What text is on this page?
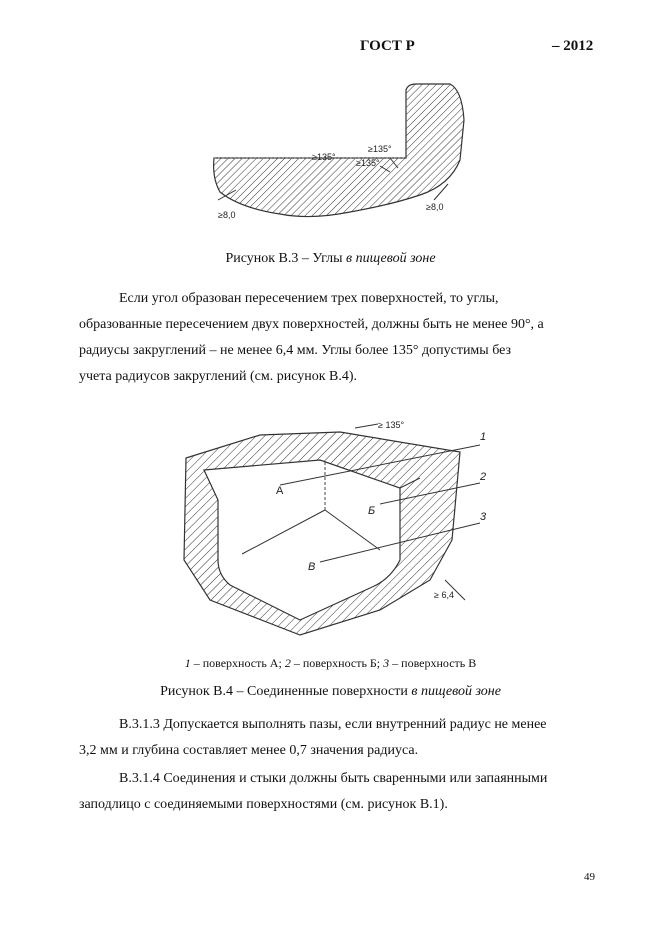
ГОСТ Р	– 2012
≥135°
≥135°
≥135°
≥8,0
≥8,0
Рисунок В.3 – Углы в пищевой зоне
Если угол образован пересечением трех поверхностей, то углы,
образованные пересечением двух поверхностей, должны быть не менее 90°, а
радиусы закруглений – не менее 6,4 мм. Углы более 135° допустимы без
учета радиусов закруглений (см. рисунок В.4).
≥ 135°
1
2
3
А
Б
В
≥ 6,4
1 – поверхность А; 2 – поверхность Б; 3 – поверхность В
Рисунок В.4 – Соединенные поверхности в пищевой зоне
В.3.1.3 Допускается выполнять пазы, если внутренний радиус не менее
3,2 мм и глубина составляет менее 0,7 значения радиуса.
В.3.1.4 Соединения и стыки должны быть сваренными или запаянными
заподлицо с соединяемыми поверхностями (см. рисунок В.1).
49
